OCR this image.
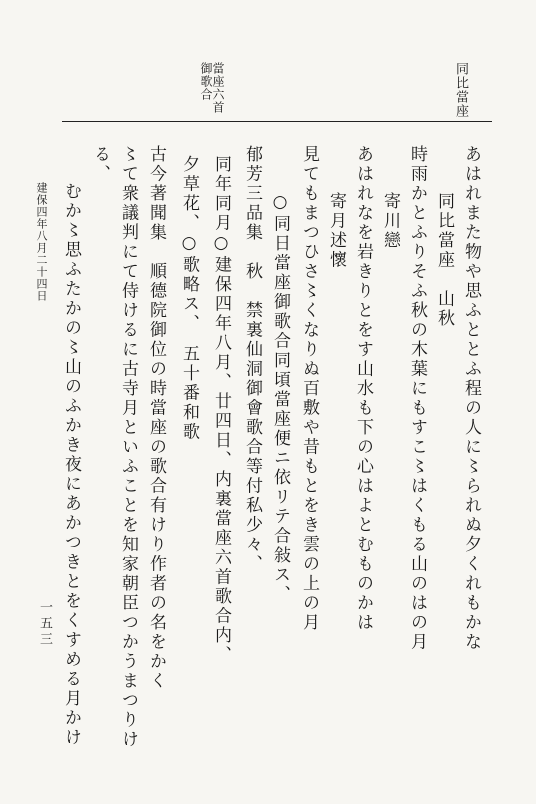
同比當座
當座六首 御歌合
あはれまた物や思ふととふ程の人に〻られぬ夕くれもかな
同比當座　山秋
時雨かとふりそふ秋の木葉にもすこ〻はくもる山のはの月
寄川戀
あはれなを岩きりとをす山水も下の心はよとむものかは
寄月述懷
見てもまつひさ〻くなりぬ百敷や昔もとをき雲の上の月
○同日當座御歌合同頃當座便ニ依リテ合敍ス、
郁芳三品集　秋　禁裏仙洞御會歌合等付私少々、
同年同月○建保四年八月、廿四日、内裏當座六首歌合内、
夕草花、○歌略ス、　五十番和歌
古今著聞集　順德院御位の時當座の歌合有けり作者の名をかく
〻て衆議判にて侍けるに古寺月といふことを知家朝臣つかうまつりけ
る、
むか〻思ふたかの〻山のふかき夜にあかつきとをくすめる月かけ
建保四年八月二十四日
一五三
